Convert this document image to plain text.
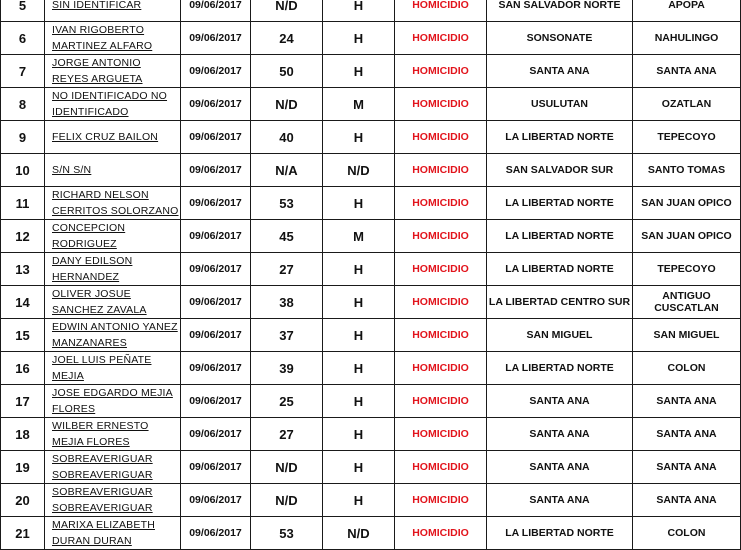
5	SIN IDENTIFICAR	09/06/2017	N/D	H	HOMICIDIO	SAN SALVADOR NORTE	APOPA
6	IVAN RIGOBERTO MARTINEZ ALFARO	09/06/2017	24	H	HOMICIDIO	SONSONATE	NAHULINGO
7	JORGE ANTONIO REYES ARGUETA	09/06/2017	50	H	HOMICIDIO	SANTA ANA	SANTA ANA
8	NO IDENTIFICADO NO IDENTIFICADO	09/06/2017	N/D	M	HOMICIDIO	USULUTAN	OZATLAN
9	FELIX CRUZ BAILON	09/06/2017	40	H	HOMICIDIO	LA LIBERTAD NORTE	TEPECOYO
10	S/N S/N	09/06/2017	N/A	N/D	HOMICIDIO	SAN SALVADOR SUR	SANTO TOMAS
11	RICHARD NELSON CERRITOS SOLORZANO	09/06/2017	53	H	HOMICIDIO	LA LIBERTAD NORTE	SAN JUAN OPICO
12	CONCEPCION RODRIGUEZ	09/06/2017	45	M	HOMICIDIO	LA LIBERTAD NORTE	SAN JUAN OPICO
13	DANY EDILSON HERNANDEZ	09/06/2017	27	H	HOMICIDIO	LA LIBERTAD NORTE	TEPECOYO
14	OLIVER JOSUE SANCHEZ ZAVALA	09/06/2017	38	H	HOMICIDIO	LA LIBERTAD CENTRO SUR	ANTIGUO CUSCATLAN
15	EDWIN ANTONIO YANEZ MANZANARES	09/06/2017	37	H	HOMICIDIO	SAN MIGUEL	SAN MIGUEL
16	JOEL LUIS PEÑATE MEJIA	09/06/2017	39	H	HOMICIDIO	LA LIBERTAD NORTE	COLON
17	JOSE EDGARDO MEJIA FLORES	09/06/2017	25	H	HOMICIDIO	SANTA ANA	SANTA ANA
18	WILBER ERNESTO MEJIA FLORES	09/06/2017	27	H	HOMICIDIO	SANTA ANA	SANTA ANA
19	SOBREAVERIGUAR SOBREAVERIGUAR	09/06/2017	N/D	H	HOMICIDIO	SANTA ANA	SANTA ANA
20	SOBREAVERIGUAR SOBREAVERIGUAR	09/06/2017	N/D	H	HOMICIDIO	SANTA ANA	SANTA ANA
21	MARIXA ELIZABETH DURAN DURAN	09/06/2017	53	N/D	HOMICIDIO	LA LIBERTAD NORTE	COLON
